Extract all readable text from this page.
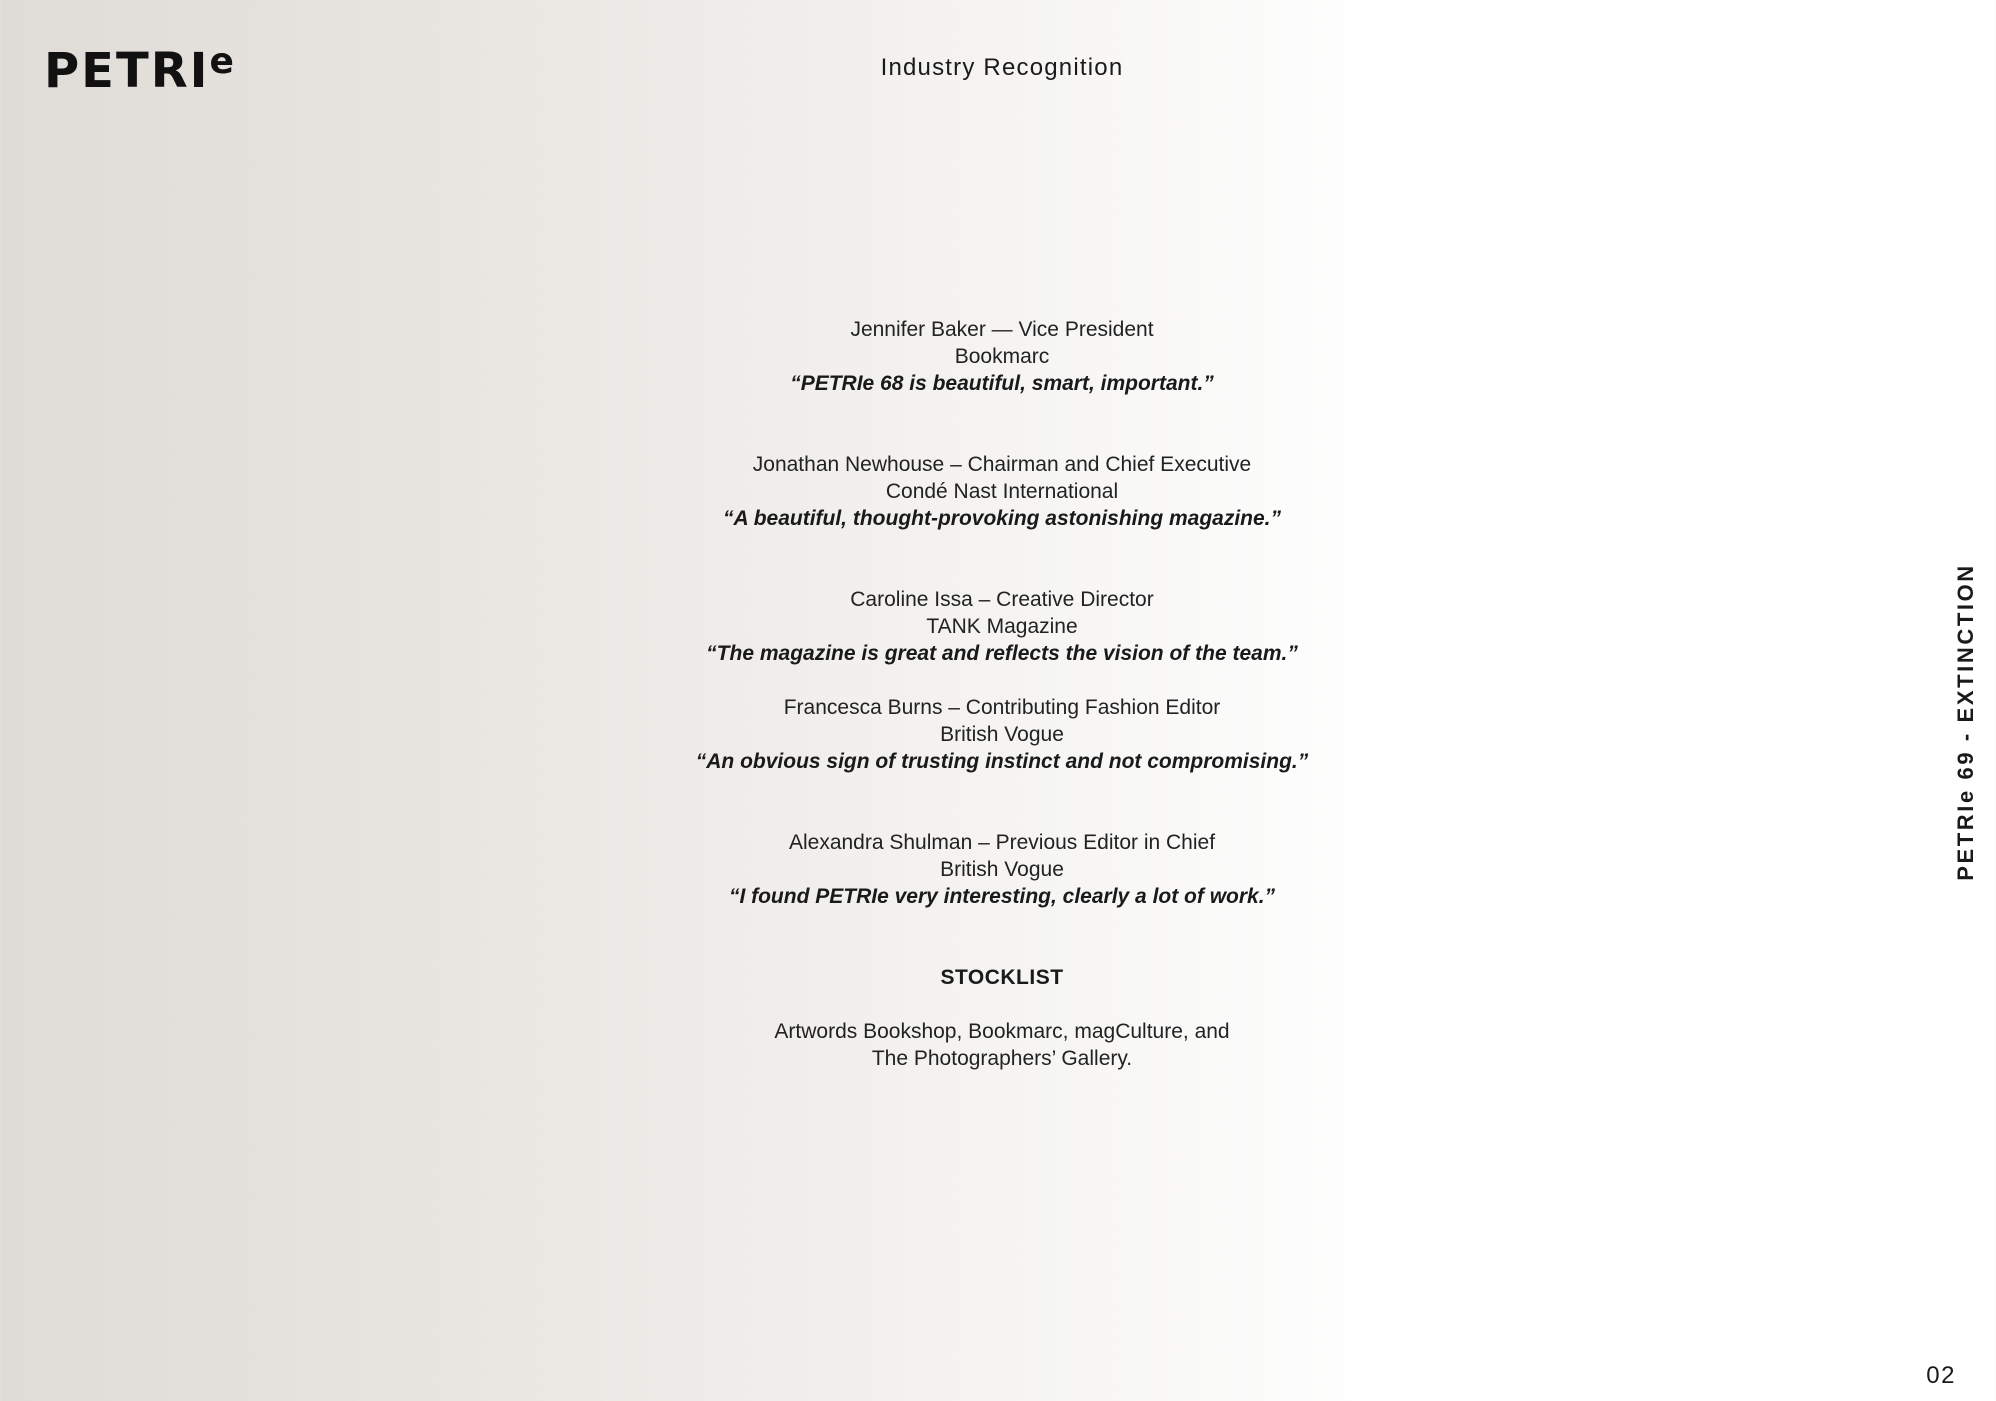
PETRI$^e$	Industry Recognition

Jennifer Baker — Vice President

Bookmarc

“PETRIe 68 is beautiful, smart, important.”

Jonathan Newhouse – Chairman and Chief Executive

Condé Nast International

“A beautiful, thought-provoking astonishing magazine.”

Caroline Issa – Creative Director

TANK Magazine

“The magazine is great and reflects the vision of the team.”

Francesca Burns – Contributing Fashion Editor

British Vogue

“An obvious sign of trusting instinct and not compromising.”

Alexandra Shulman – Previous Editor in Chief

British Vogue

“I found PETRIe very interesting, clearly a lot of work.”

STOCKLIST

Artwords Bookshop, Bookmarc, magCulture, and

The Photographers’ Gallery.

PETRIe 69 - EXTINCTION
02
